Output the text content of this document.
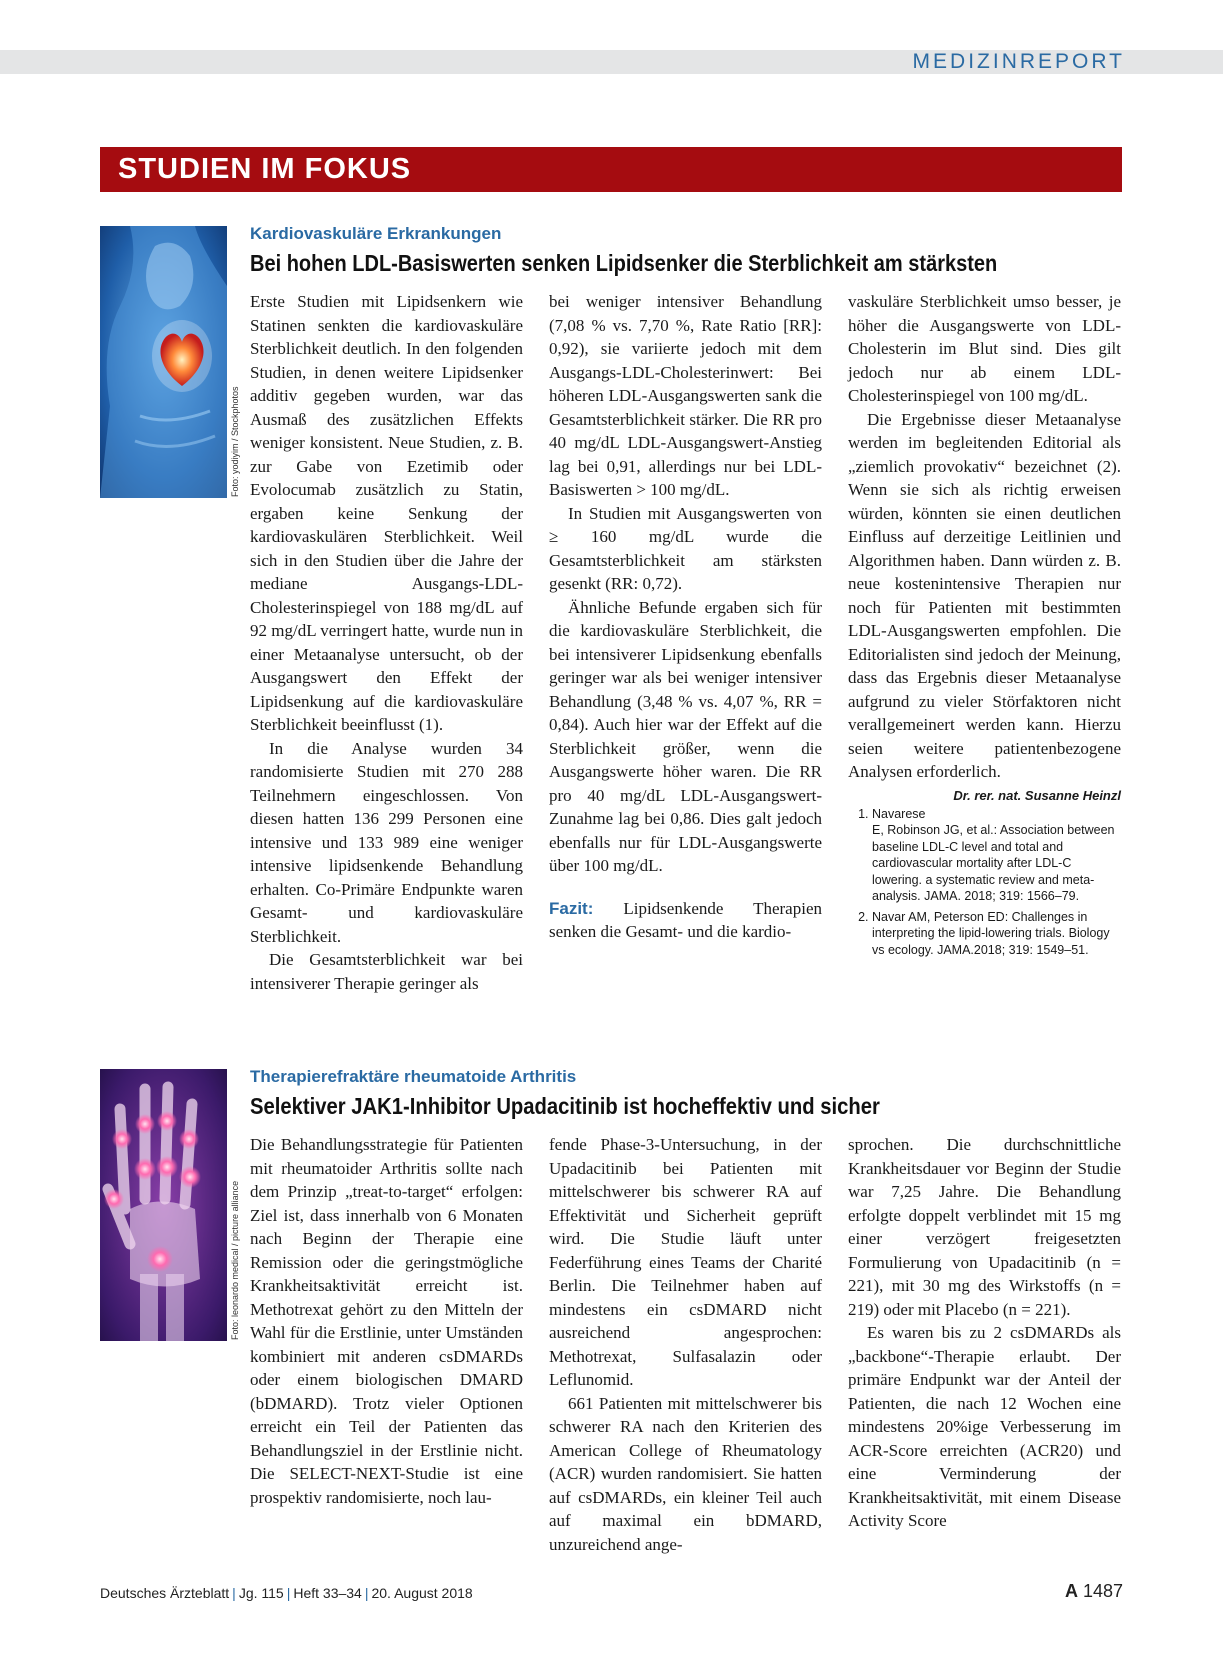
MEDIZINREPORT
STUDIEN IM FOKUS
Foto: yodiyim / Stockphotos
Kardiovaskuläre Erkrankungen
Bei hohen LDL-Basiswerten senken Lipidsenker die Sterblichkeit am stärksten

Erste Studien mit Lipidsenkern wie Statinen senkten die kardiovaskuläre Sterblichkeit deutlich. In den folgenden Studien, in denen weitere Lipidsenker additiv gegeben wurden, war das Ausmaß des zusätzlichen Effekts weniger konsistent. Neue Studien, z. B. zur Gabe von Ezetimib oder Evolocumab zusätzlich zu Statin, ergaben keine Senkung der kardiovaskulären Sterblichkeit. Weil sich in den Studien über die Jahre der mediane Ausgangs-LDL-Cholesterinspiegel von 188 mg/dL auf 92 mg/dL verringert hatte, wurde nun in einer Metaanalyse untersucht, ob der Ausgangswert den Effekt der Lipidsenkung auf die kardiovaskuläre Sterblichkeit beeinflusst (1).

In die Analyse wurden 34 randomisierte Studien mit 270 288 Teilnehmern eingeschlossen. Von diesen hatten 136 299 Personen eine intensive und 133 989 eine weniger intensive lipidsenkende Behandlung erhalten. Co-Primäre Endpunkte waren Gesamt- und kardiovaskuläre Sterblichkeit.

Die Gesamtsterblichkeit war bei intensiverer Therapie geringer als

bei weniger intensiver Behandlung (7,08 % vs. 7,70 %, Rate Ratio [RR]: 0,92), sie variierte jedoch mit dem Ausgangs-LDL-Cholesterinwert: Bei höheren LDL-Ausgangswerten sank die Gesamtsterblichkeit stärker. Die RR pro 40 mg/dL LDL-Ausgangswert-Anstieg lag bei 0,91, allerdings nur bei LDL-Basiswerten > 100 mg/dL.

In Studien mit Ausgangswerten von ≥ 160 mg/dL wurde die Gesamtsterblichkeit am stärksten gesenkt (RR: 0,72).

Ähnliche Befunde ergaben sich für die kardiovaskuläre Sterblichkeit, die bei intensiverer Lipidsenkung ebenfalls geringer war als bei weniger intensiver Behandlung (3,48 % vs. 4,07 %, RR = 0,84). Auch hier war der Effekt auf die Sterblichkeit größer, wenn die Ausgangswerte höher waren. Die RR pro 40 mg/dL LDL-Ausgangswert-Zunahme lag bei 0,86. Dies galt jedoch ebenfalls nur für LDL-Ausgangswerte über 100 mg/dL.

Fazit: Lipidsenkende Therapien senken die Gesamt- und die kardio-

vaskuläre Sterblichkeit umso besser, je höher die Ausgangswerte von LDL-Cholesterin im Blut sind. Dies gilt jedoch nur ab einem LDL-Cholesterinspiegel von 100 mg/dL.

Die Ergebnisse dieser Metaanalyse werden im begleitenden Editorial als „ziemlich provokativ“ bezeichnet (2). Wenn sie sich als richtig erweisen würden, könnten sie einen deutlichen Einfluss auf derzeitige Leitlinien und Algorithmen haben. Dann würden z. B. neue kostenintensive Therapien nur noch für Patienten mit bestimmten LDL-Ausgangswerten empfohlen. Die Editorialisten sind jedoch der Meinung, dass das Ergebnis dieser Metaanalyse aufgrund zu vieler Störfaktoren nicht verallgemeinert werden kann. Hierzu seien weitere patientenbezogene Analysen erforderlich.
Dr. rer. nat. Susanne Heinzl

1. Navarese E, Robinson JG, et al.: Association between baseline LDL-C level and total and cardiovascular mortality after LDL-C lowering. a systematic review and meta-analysis. JAMA. 2018; 319: 1566–79.
2. Navar AM, Peterson ED: Challenges in interpreting the lipid-lowering trials. Biology vs ecology. JAMA.2018; 319: 1549–51.
Foto: leonardo medical / picture alliance
Therapierefraktäre rheumatoide Arthritis
Selektiver JAK1-Inhibitor Upadacitinib ist hocheffektiv und sicher

Die Behandlungsstrategie für Patienten mit rheumatoider Arthritis sollte nach dem Prinzip „treat-to-target“ erfolgen: Ziel ist, dass innerhalb von 6 Monaten nach Beginn der Therapie eine Remission oder die geringstmögliche Krankheitsaktivität erreicht ist. Methotrexat gehört zu den Mitteln der Wahl für die Erstlinie, unter Umständen kombiniert mit anderen csDMARDs oder einem biologischen DMARD (bDMARD). Trotz vieler Optionen erreicht ein Teil der Patienten das Behandlungsziel in der Erstlinie nicht. Die SELECT-NEXT-Studie ist eine prospektiv randomisierte, noch lau-

fende Phase-3-Untersuchung, in der Upadacitinib bei Patienten mit mittelschwerer bis schwerer RA auf Effektivität und Sicherheit geprüft wird. Die Studie läuft unter Federführung eines Teams der Charité Berlin. Die Teilnehmer haben auf mindestens ein csDMARD nicht ausreichend angesprochen: Methotrexat, Sulfasalazin oder Leflunomid.

661 Patienten mit mittelschwerer bis schwerer RA nach den Kriterien des American College of Rheumatology (ACR) wurden randomisiert. Sie hatten auf csDMARDs, ein kleiner Teil auch auf maximal ein bDMARD, unzureichend ange-

sprochen. Die durchschnittliche Krankheitsdauer vor Beginn der Studie war 7,25 Jahre. Die Behandlung erfolgte doppelt verblindet mit 15 mg einer verzögert freigesetzten Formulierung von Upadacitinib (n = 221), mit 30 mg des Wirkstoffs (n = 219) oder mit Placebo (n = 221).

Es waren bis zu 2 csDMARDs als „backbone“-Therapie erlaubt. Der primäre Endpunkt war der Anteil der Patienten, die nach 12 Wochen eine mindestens 20%ige Verbesserung im ACR-Score erreichten (ACR20) und eine Verminderung der Krankheitsaktivität, mit einem Disease Activity Score

Deutsches Ärzteblatt | Jg. 115 | Heft 33–34 | 20. August 2018	A 1487
